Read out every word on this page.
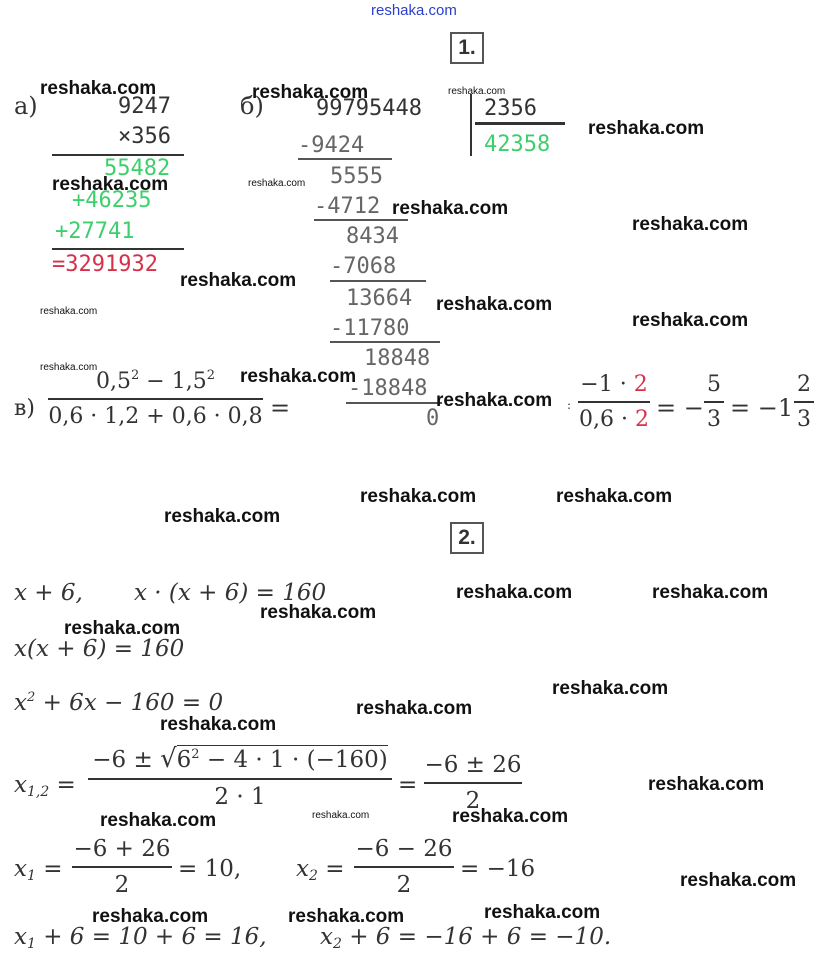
reshaka.com
1.
а)	9247
×356
55482
+46235
+27741
=3291932
б) 99795448	2356
42358
-9424
5555
-4712
8434
-7068
13664
-11780
18848
-18848
0
в)
$0,5^2 - 1,5^2$
0,6 · 1,2 + 0,6 · 0,8 =	:
−1 · 2
0,6 · 2 = −
5
3 = −1
2
3
2.
x + 6, x · (x + 6) = 160
x(x + 6) = 160
$x^2 + 6x - 160 = 0$
$x_{1,2}$ =
$-6 \pm √6^2 - 4 \cdot 1 \cdot (-160)$
2 · 1	=
−6 ± 26
2
$x_1$ =
−6 + 26
2
= 10, $x_2$ =
−6 − 26
2
= −16
$x_1 + 6 = 10 + 6 = 16$, $x_2 + 6 = -16 + 6 = -10$.
reshaka.com	reshaka.com	reshaka.com
reshaka.com
reshaka.com	reshaka.com
reshaka.com
reshaka.com
reshaka.com
reshaka.com
reshaka.com	reshaka.com
reshaka.com	reshaka.com
reshaka.com
reshaka.com	reshaka.com
reshaka.com
reshaka.com	reshaka.com
reshaka.com
reshaka.com
reshaka.com
reshaka.com
reshaka.com
reshaka.com
reshaka.com
reshaka.com	reshaka.com
reshaka.com
reshaka.com
reshaka.com	reshaka.com
